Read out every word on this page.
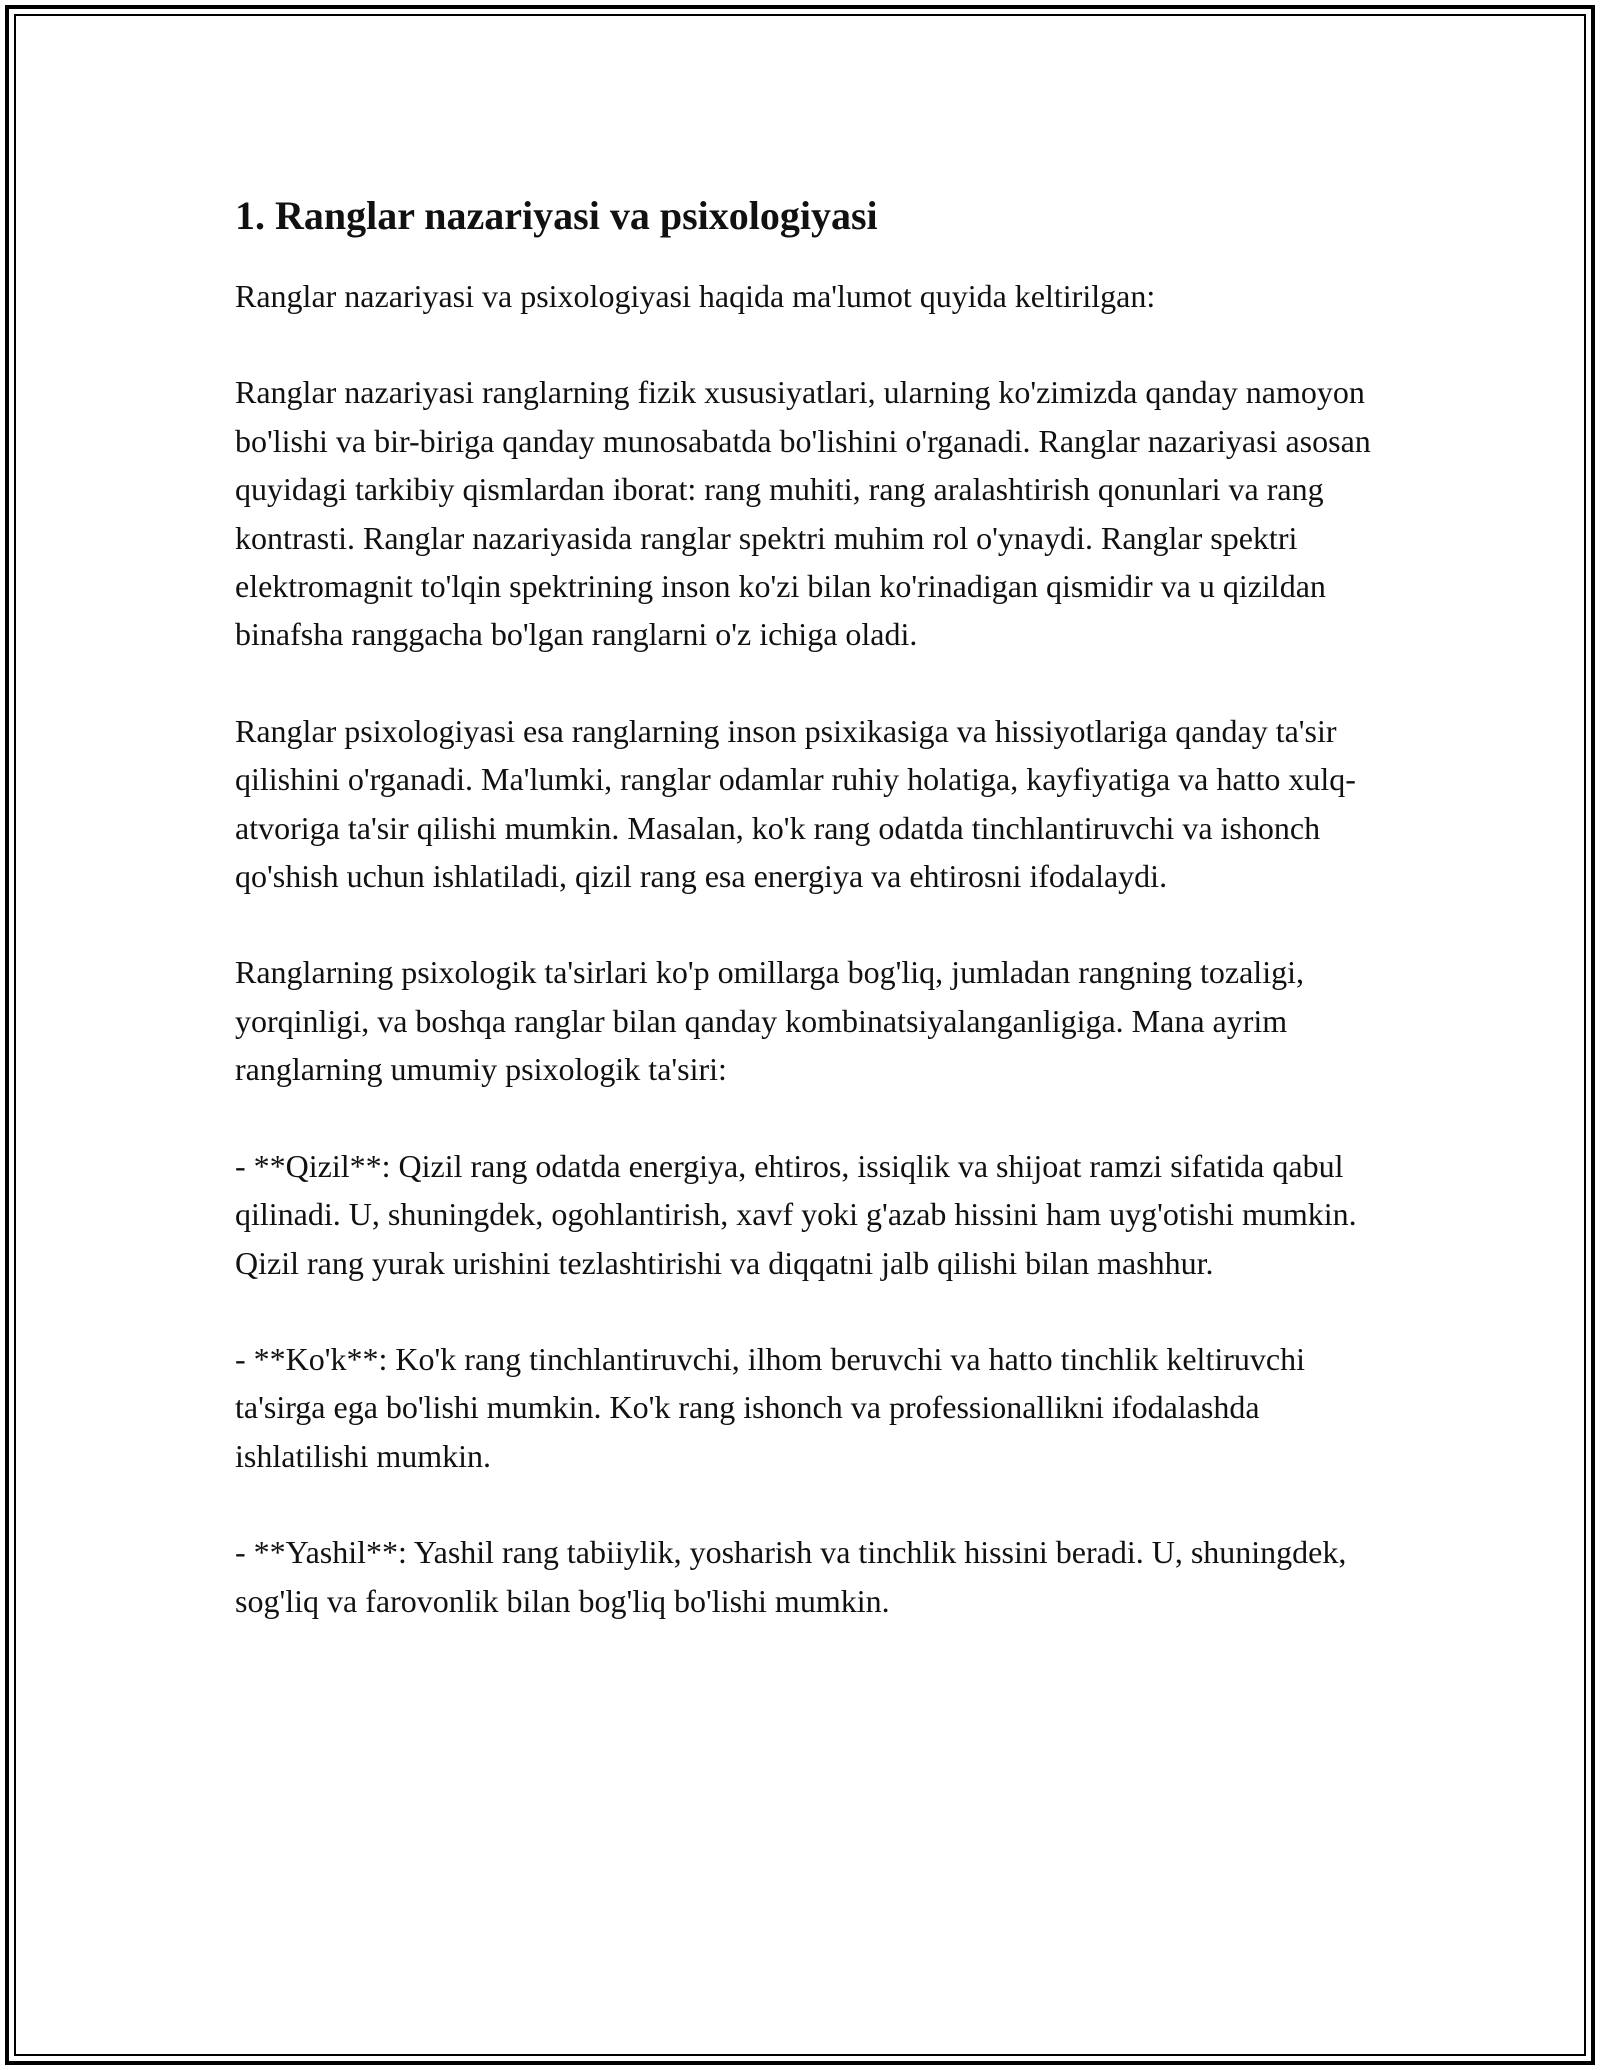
1. Ranglar nazariyasi va psixologiyasi

Ranglar nazariyasi va psixologiyasi haqida ma'lumot quyida keltirilgan:

Ranglar nazariyasi ranglarning fizik xususiyatlari, ularning ko'zimizda qanday namoyon bo'lishi va bir-biriga qanday munosabatda bo'lishini o'rganadi. Ranglar nazariyasi asosan quyidagi tarkibiy qismlardan iborat: rang muhiti, rang aralashtirish qonunlari va rang kontrasti. Ranglar nazariyasida ranglar spektri muhim rol o'ynaydi. Ranglar spektri elektromagnit to'lqin spektrining inson ko'zi bilan ko'rinadigan qismidir va u qizildan binafsha ranggacha bo'lgan ranglarni o'z ichiga oladi.

Ranglar psixologiyasi esa ranglarning inson psixikasiga va hissiyotlariga qanday ta'sir qilishini o'rganadi. Ma'lumki, ranglar odamlar ruhiy holatiga, kayfiyatiga va hatto xulq-atvoriga ta'sir qilishi mumkin. Masalan, ko'k rang odatda tinchlantiruvchi va ishonch qo'shish uchun ishlatiladi, qizil rang esa energiya va ehtirosni ifodalaydi.

Ranglarning psixologik ta'sirlari ko'p omillarga bog'liq, jumladan rangning tozaligi, yorqinligi, va boshqa ranglar bilan qanday kombinatsiyalanganligiga. Mana ayrim ranglarning umumiy psixologik ta'siri:

- **Qizil**: Qizil rang odatda energiya, ehtiros, issiqlik va shijoat ramzi sifatida qabul qilinadi. U, shuningdek, ogohlantirish, xavf yoki g'azab hissini ham uyg'otishi mumkin. Qizil rang yurak urishini tezlashtirishi va diqqatni jalb qilishi bilan mashhur.

- **Ko'k**: Ko'k rang tinchlantiruvchi, ilhom beruvchi va hatto tinchlik keltiruvchi ta'sirga ega bo'lishi mumkin. Ko'k rang ishonch va professionallikni ifodalashda ishlatilishi mumkin.

- **Yashil**: Yashil rang tabiiylik, yosharish va tinchlik hissini beradi. U, shuningdek, sog'liq va farovonlik bilan bog'liq bo'lishi mumkin.
